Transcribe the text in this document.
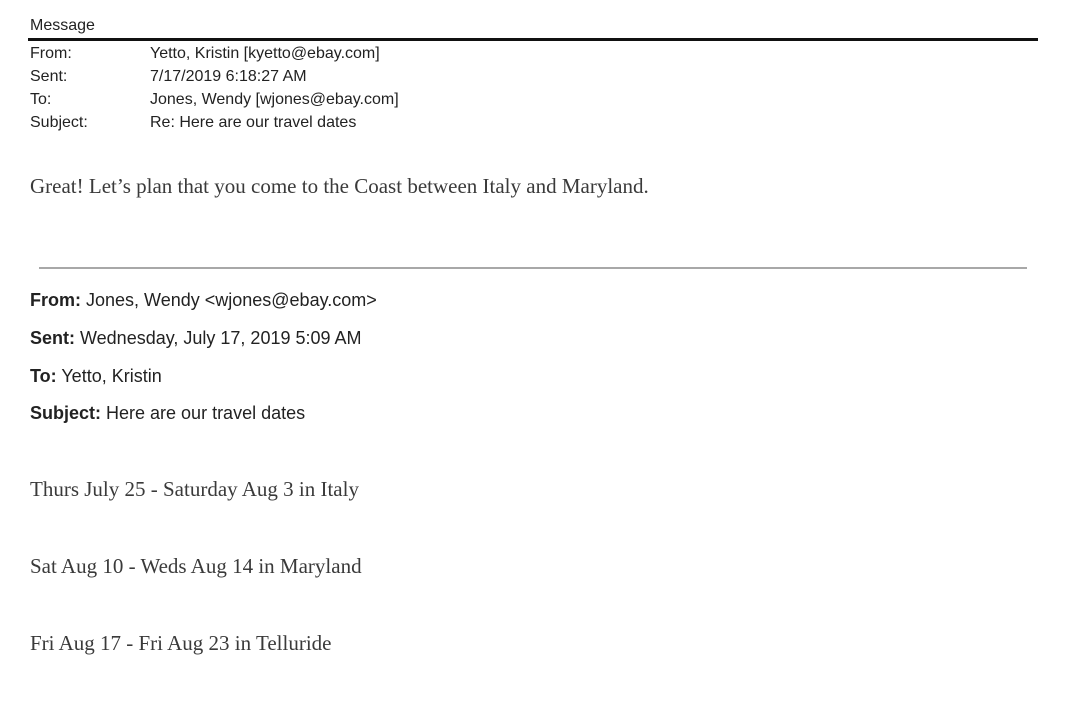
Message
From:	Yetto, Kristin [kyetto@ebay.com]
Sent:	7/17/2019 6:18:27 AM
To:	Jones, Wendy [wjones@ebay.com]
Subject:	Re: Here are our travel dates
Great! Let’s plan that you come to the Coast between Italy and Maryland.
From: Jones, Wendy <wjones@ebay.com>
Sent: Wednesday, July 17, 2019 5:09 AM
To: Yetto, Kristin
Subject: Here are our travel dates
Thurs July 25 - Saturday Aug 3 in Italy
Sat Aug 10 - Weds Aug 14 in Maryland
Fri Aug 17 - Fri Aug 23 in Telluride
